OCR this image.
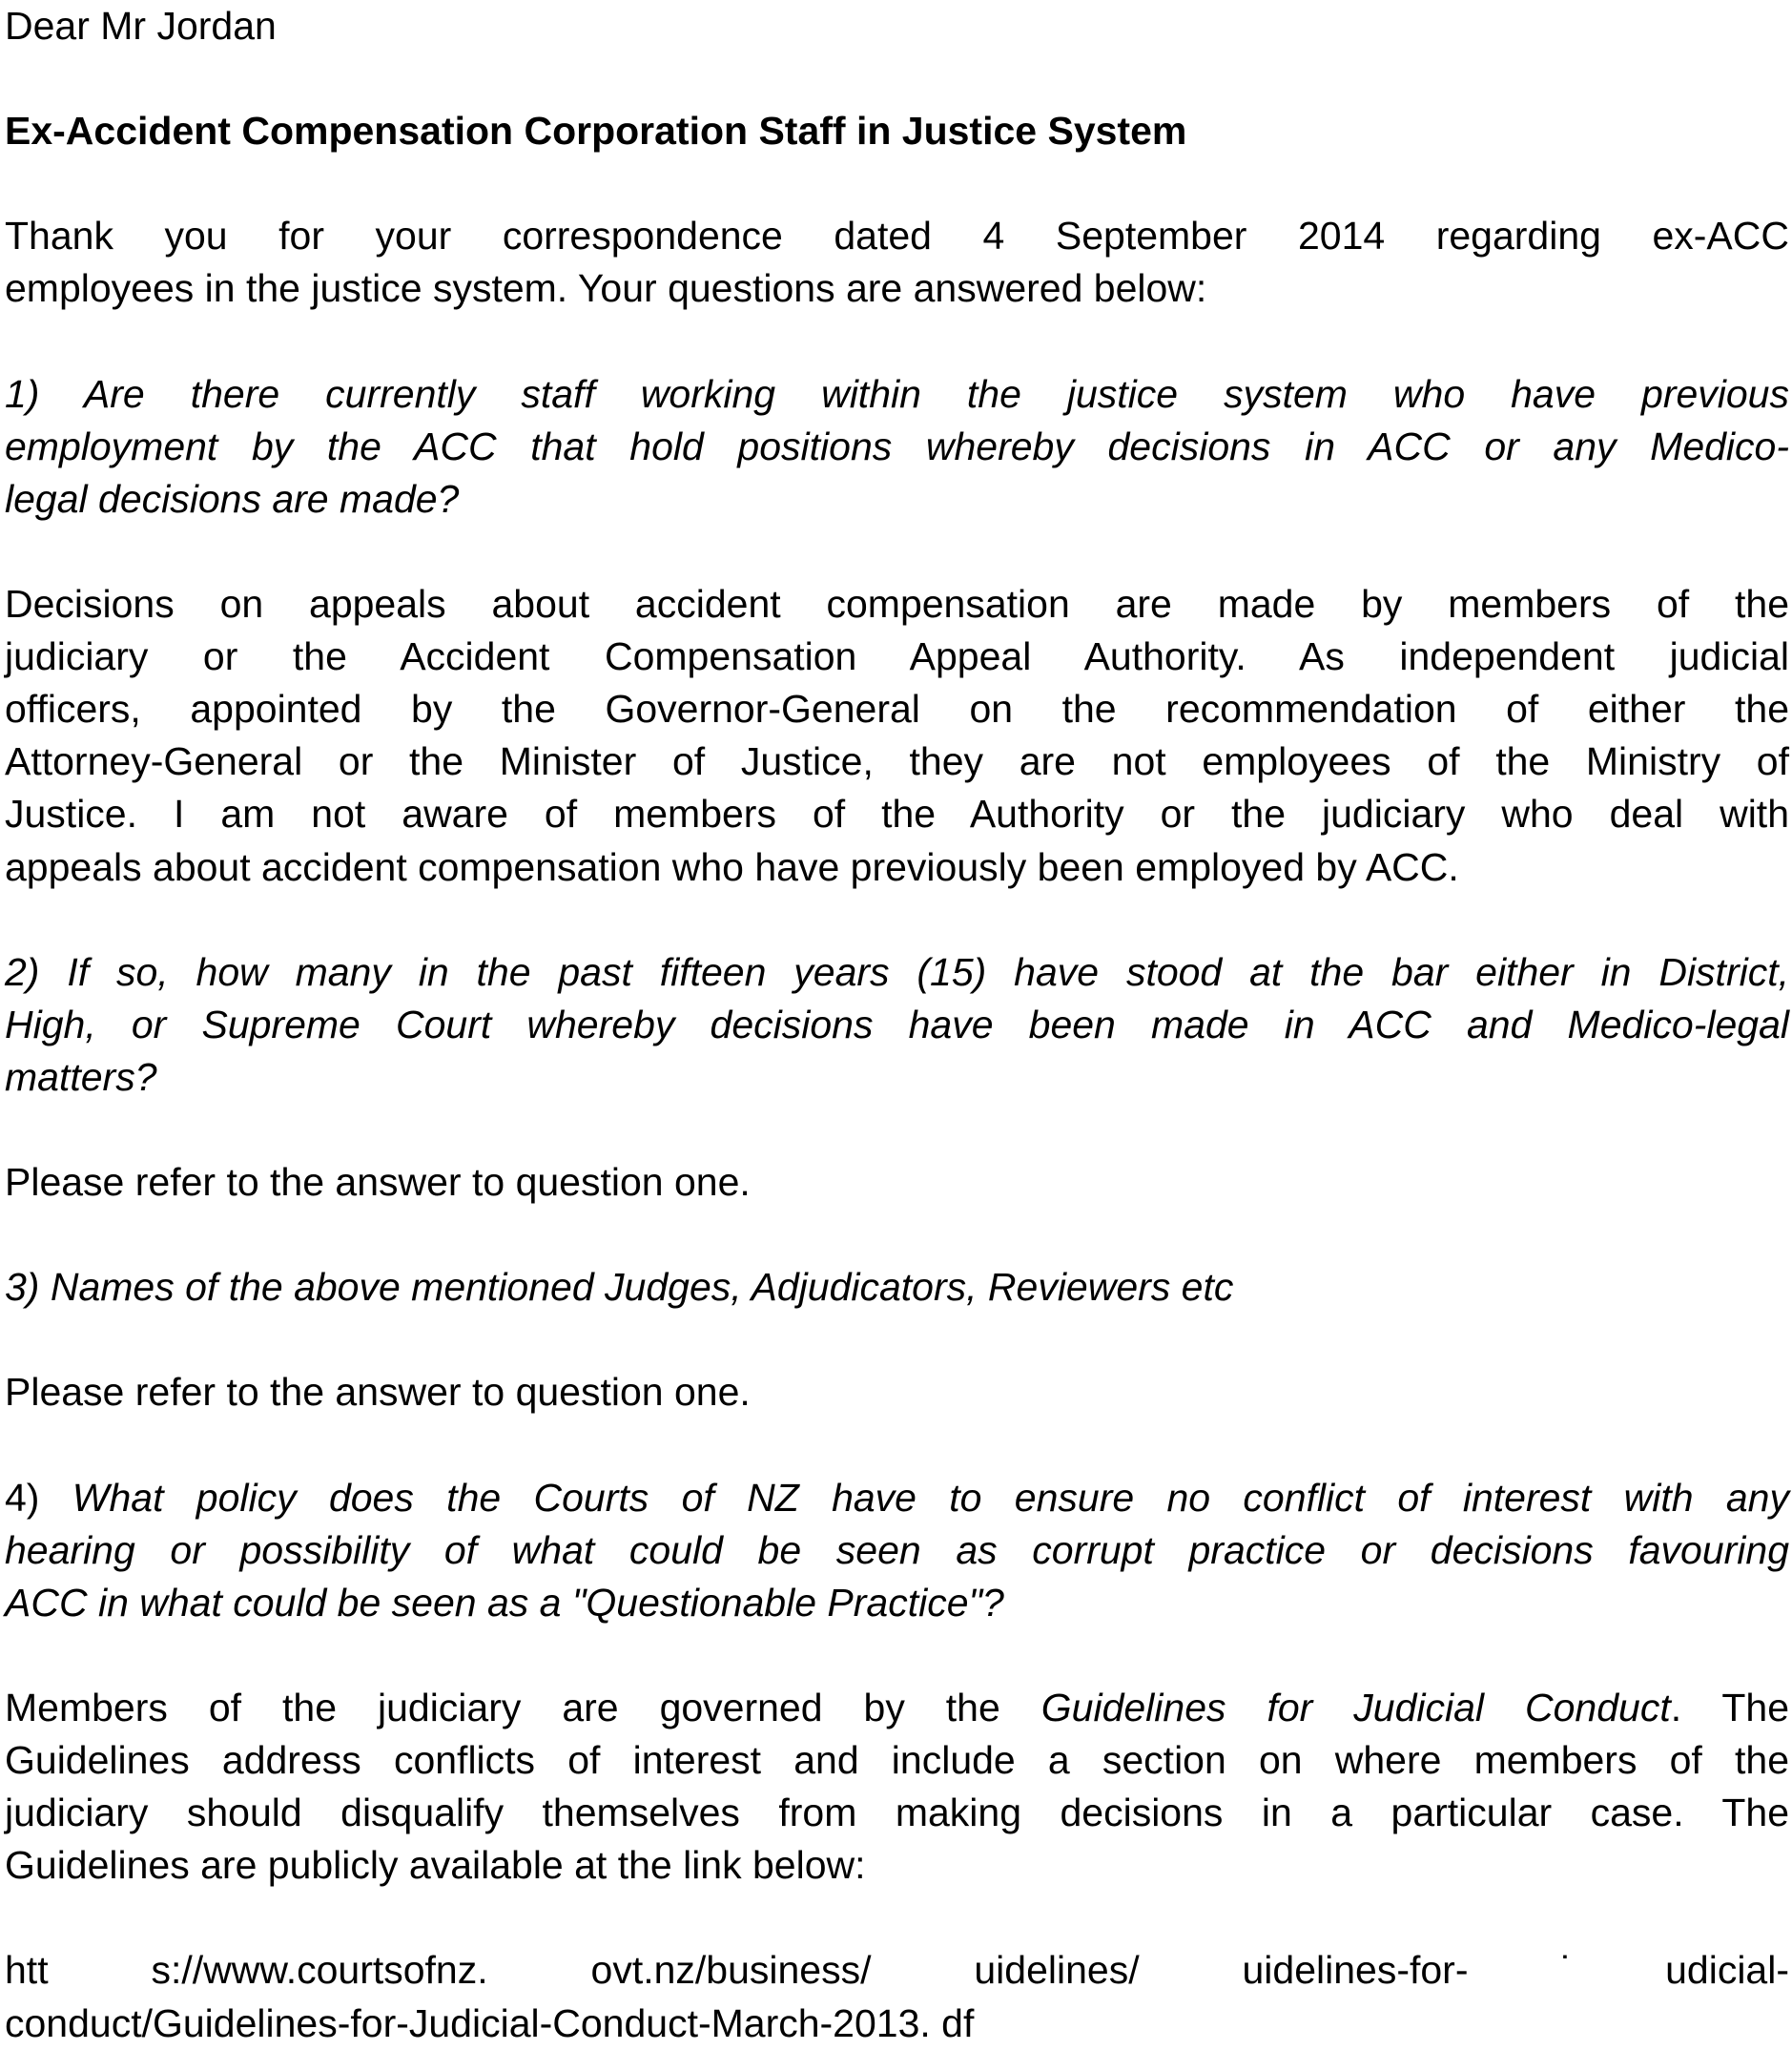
Dear Mr Jordan
Ex-Accident Compensation Corporation Staff in Justice System
Thank you for your correspondence dated 4 September 2014 regarding ex-ACC
employees in the justice system. Your questions are answered below:
1) Are there currently staff working within the justice system who have previous
employment by the ACC that hold positions whereby decisions in ACC or any Medico-
legal decisions are made?
Decisions on appeals about accident compensation are made by members of the
judiciary or the Accident Compensation Appeal Authority. As independent judicial
officers, appointed by the Governor-General on the recommendation of either the
Attorney-General or the Minister of Justice, they are not employees of the Ministry of
Justice. I am not aware of members of the Authority or the judiciary who deal with
appeals about accident compensation who have previously been employed by ACC.
2) If so, how many in the past fifteen years (15) have stood at the bar either in District,
High, or Supreme Court whereby decisions have been made in ACC and Medico-legal
matters?
Please refer to the answer to question one.
3) Names of the above mentioned Judges, Adjudicators, Reviewers etc
Please refer to the answer to question one.
4) What policy does the Courts of NZ have to ensure no conflict of interest with any
hearing or possibility of what could be seen as corrupt practice or decisions favouring
ACC in what could be seen as a "Questionable Practice"?
Members of the judiciary are governed by the Guidelines for Judicial Conduct. The
Guidelines address conflicts of interest and include a section on where members of the
judiciary should disqualify themselves from making decisions in a particular case. The
Guidelines are publicly available at the link below:
htt s://www.courtsofnz. ovt.nz/business/ uidelines/ uidelines-for-˙udicial-
conduct/Guidelines-for-Judicial-Conduct-March-2013. df
